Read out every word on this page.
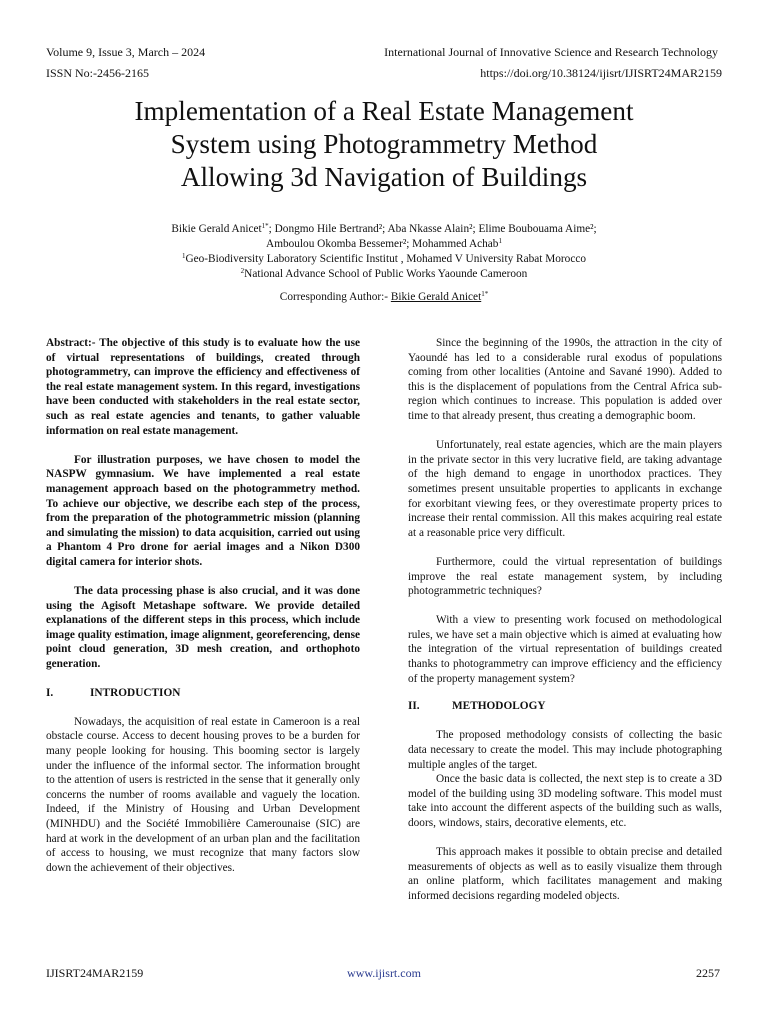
Volume 9, Issue 3, March – 2024	International Journal of Innovative Science and Research Technology
ISSN No:-2456-2165	https://doi.org/10.38124/ijisrt/IJISRT24MAR2159
Implementation of a Real Estate Management
System using Photogrammetry Method
Allowing 3d Navigation of Buildings
Bikie Gerald Anicet$^{1*}$; Dongmo Hile Bertrand²; Aba Nkasse Alain²; Elime Boubouama Aime²;
Amboulou Okomba Bessemer²; Mohammed Achab$^1$
$^1$Geo-Biodiversity Laboratory Scientific Institut , Mohamed V University Rabat Morocco
$^2$National Advance School of Public Works Yaounde Cameroon
Corresponding Author:- Bikie Gerald Anicet$^{1*}$

Abstract:- The objective of this study is to evaluate how the use of virtual representations of buildings, created through photogrammetry, can improve the efficiency and effectiveness of the real estate management system. In this regard, investigations have been conducted with stakeholders in the real estate sector, such as real estate agencies and tenants, to gather valuable information on real estate management.

For illustration purposes, we have chosen to model the NASPW gymnasium. We have implemented a real estate management approach based on the photogrammetry method. To achieve our objective, we describe each step of the process, from the preparation of the photogrammetric mission (planning and simulating the mission) to data acquisition, carried out using a Phantom 4 Pro drone for aerial images and a Nikon D300 digital camera for interior shots.

The data processing phase is also crucial, and it was done using the Agisoft Metashape software. We provide detailed explanations of the different steps in this process, which include image quality estimation, image alignment, georeferencing, dense point cloud generation, 3D mesh creation, and orthophoto generation.

I.	INTRODUCTION

Nowadays, the acquisition of real estate in Cameroon is a real obstacle course. Access to decent housing proves to be a burden for many people looking for housing. This booming sector is largely under the influence of the informal sector. The information brought to the attention of users is restricted in the sense that it generally only concerns the number of rooms available and vaguely the location. Indeed, if the Ministry of Housing and Urban Development (MINHDU) and the Société Immobilière Camerounaise (SIC) are hard at work in the development of an urban plan and the facilitation of access to housing, we must recognize that many factors slow down the achievement of their objectives.

Since the beginning of the 1990s, the attraction in the city of Yaoundé has led to a considerable rural exodus of populations coming from other localities (Antoine and Savané 1990). Added to this is the displacement of populations from the Central Africa sub-region which continues to increase. This population is added over time to that already present, thus creating a demographic boom.

Unfortunately, real estate agencies, which are the main players in the private sector in this very lucrative field, are taking advantage of the high demand to engage in unorthodox practices. They sometimes present unsuitable properties to applicants in exchange for exorbitant viewing fees, or they overestimate property prices to increase their rental commission. All this makes acquiring real estate at a reasonable price very difficult.

Furthermore, could the virtual representation of buildings improve the real estate management system, by including photogrammetric techniques?

With a view to presenting work focused on methodological rules, we have set a main objective which is aimed at evaluating how the integration of the virtual representation of buildings created thanks to photogrammetry can improve efficiency and the efficiency of the property management system?

II.	METHODOLOGY

The proposed methodology consists of collecting the basic data necessary to create the model. This may include photographing multiple angles of the target.

Once the basic data is collected, the next step is to create a 3D model of the building using 3D modeling software. This model must take into account the different aspects of the building such as walls, doors, windows, stairs, decorative elements, etc.

This approach makes it possible to obtain precise and detailed measurements of objects as well as to easily visualize them through an online platform, which facilitates management and making informed decisions regarding modeled objects.

IJISRT24MAR2159	www.ijisrt.com	2257
